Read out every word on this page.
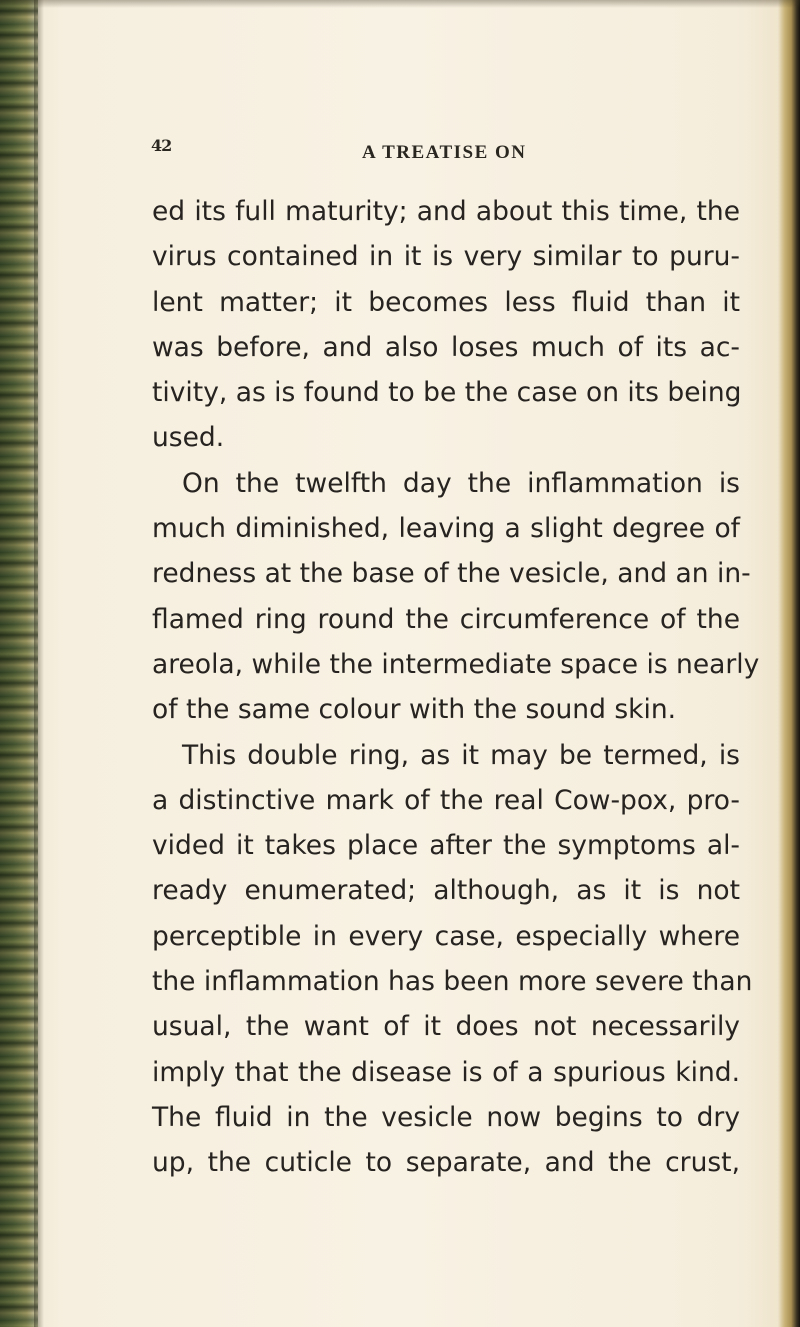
42	A TREATISE ON
ed its full maturity; and about this time, the
virus contained in it is very similar to puru-
lent matter; it becomes less fluid than it
was before, and also loses much of its ac-
tivity, as is found to be the case on its being
used.
On the twelfth day the inflammation is
much diminished, leaving a slight degree of
redness at the base of the vesicle, and an in-
flamed ring round the circumference of the
areola, while the intermediate space is nearly
of the same colour with the sound skin.
This double ring, as it may be termed, is
a distinctive mark of the real Cow-pox, pro-
vided it takes place after the symptoms al-
ready enumerated; although, as it is not
perceptible in every case, especially where
the inflammation has been more severe than
usual, the want of it does not necessarily
imply that the disease is of a spurious kind.
The fluid in the vesicle now begins to dry
up, the cuticle to separate, and the crust,
